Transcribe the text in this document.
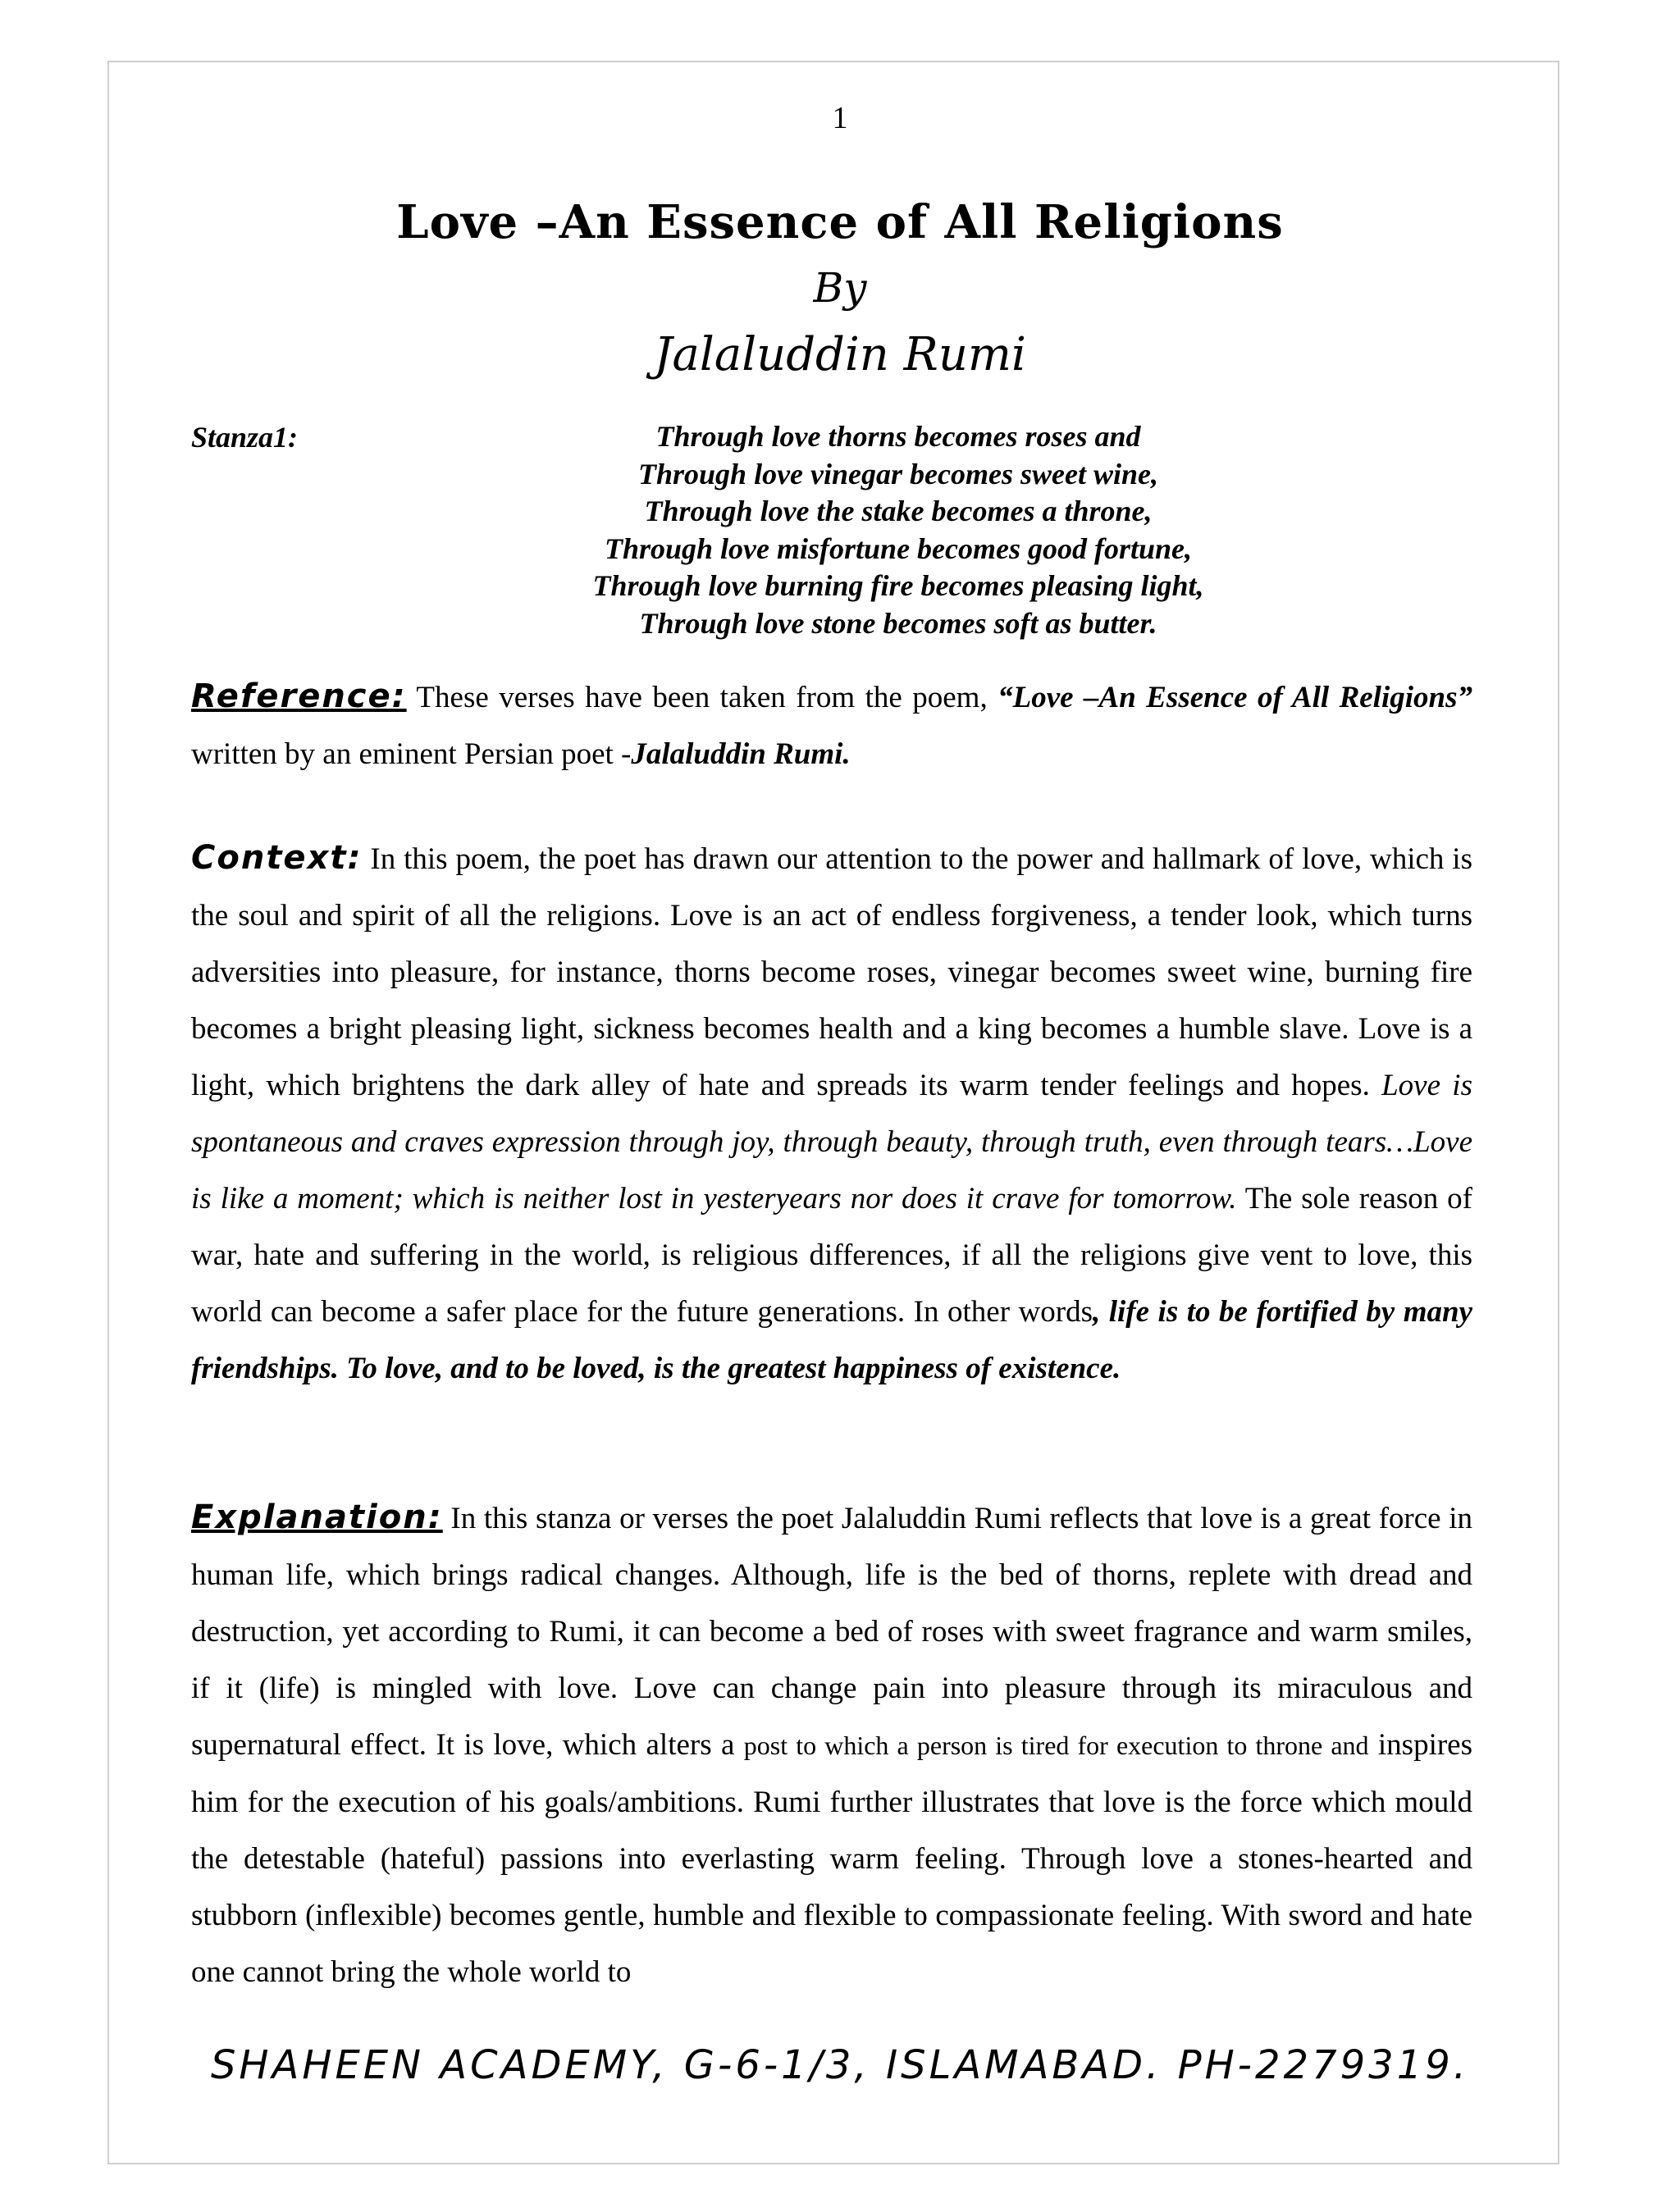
1
Love –An Essence of All Religions
By
Jalaluddin Rumi
Stanza1:	Through love thorns becomes roses and
Through love vinegar becomes sweet wine,
Through love the stake becomes a throne,
Through love misfortune becomes good fortune,
Through love burning fire becomes pleasing light,
Through love stone becomes soft as butter.

Reference: These verses have been taken from the poem, “Love –An Essence of All Religions” written by an eminent Persian poet -Jalaluddin Rumi.

Context: In this poem, the poet has drawn our attention to the power and hallmark of love, which is the soul and spirit of all the religions. Love is an act of endless forgiveness, a tender look, which turns adversities into pleasure, for instance, thorns become roses, vinegar becomes sweet wine, burning fire becomes a bright pleasing light, sickness becomes health and a king becomes a humble slave. Love is a light, which brightens the dark alley of hate and spreads its warm tender feelings and hopes. Love is spontaneous and craves expression through joy, through beauty, through truth, even through tears…Love is like a moment; which is neither lost in yesteryears nor does it crave for tomorrow. The sole reason of war, hate and suffering in the world, is religious differences, if all the religions give vent to love, this world can become a safer place for the future generations. In other words, life is to be fortified by many friendships. To love, and to be loved, is the greatest happiness of existence.

Explanation: In this stanza or verses the poet Jalaluddin Rumi reflects that love is a great force in human life, which brings radical changes. Although, life is the bed of thorns, replete with dread and destruction, yet according to Rumi, it can become a bed of roses with sweet fragrance and warm smiles, if it (life) is mingled with love. Love can change pain into pleasure through its miraculous and supernatural effect. It is love, which alters a post to which a person is tired for execution to throne and inspires him for the execution of his goals/ambitions. Rumi further illustrates that love is the force which mould the detestable (hateful) passions into everlasting warm feeling. Through love a stones-hearted and stubborn (inflexible) becomes gentle, humble and flexible to compassionate feeling. With sword and hate one cannot bring the whole world to

SHAHEEN ACADEMY, G-6-1/3, ISLAMABAD. PH-2279319.
